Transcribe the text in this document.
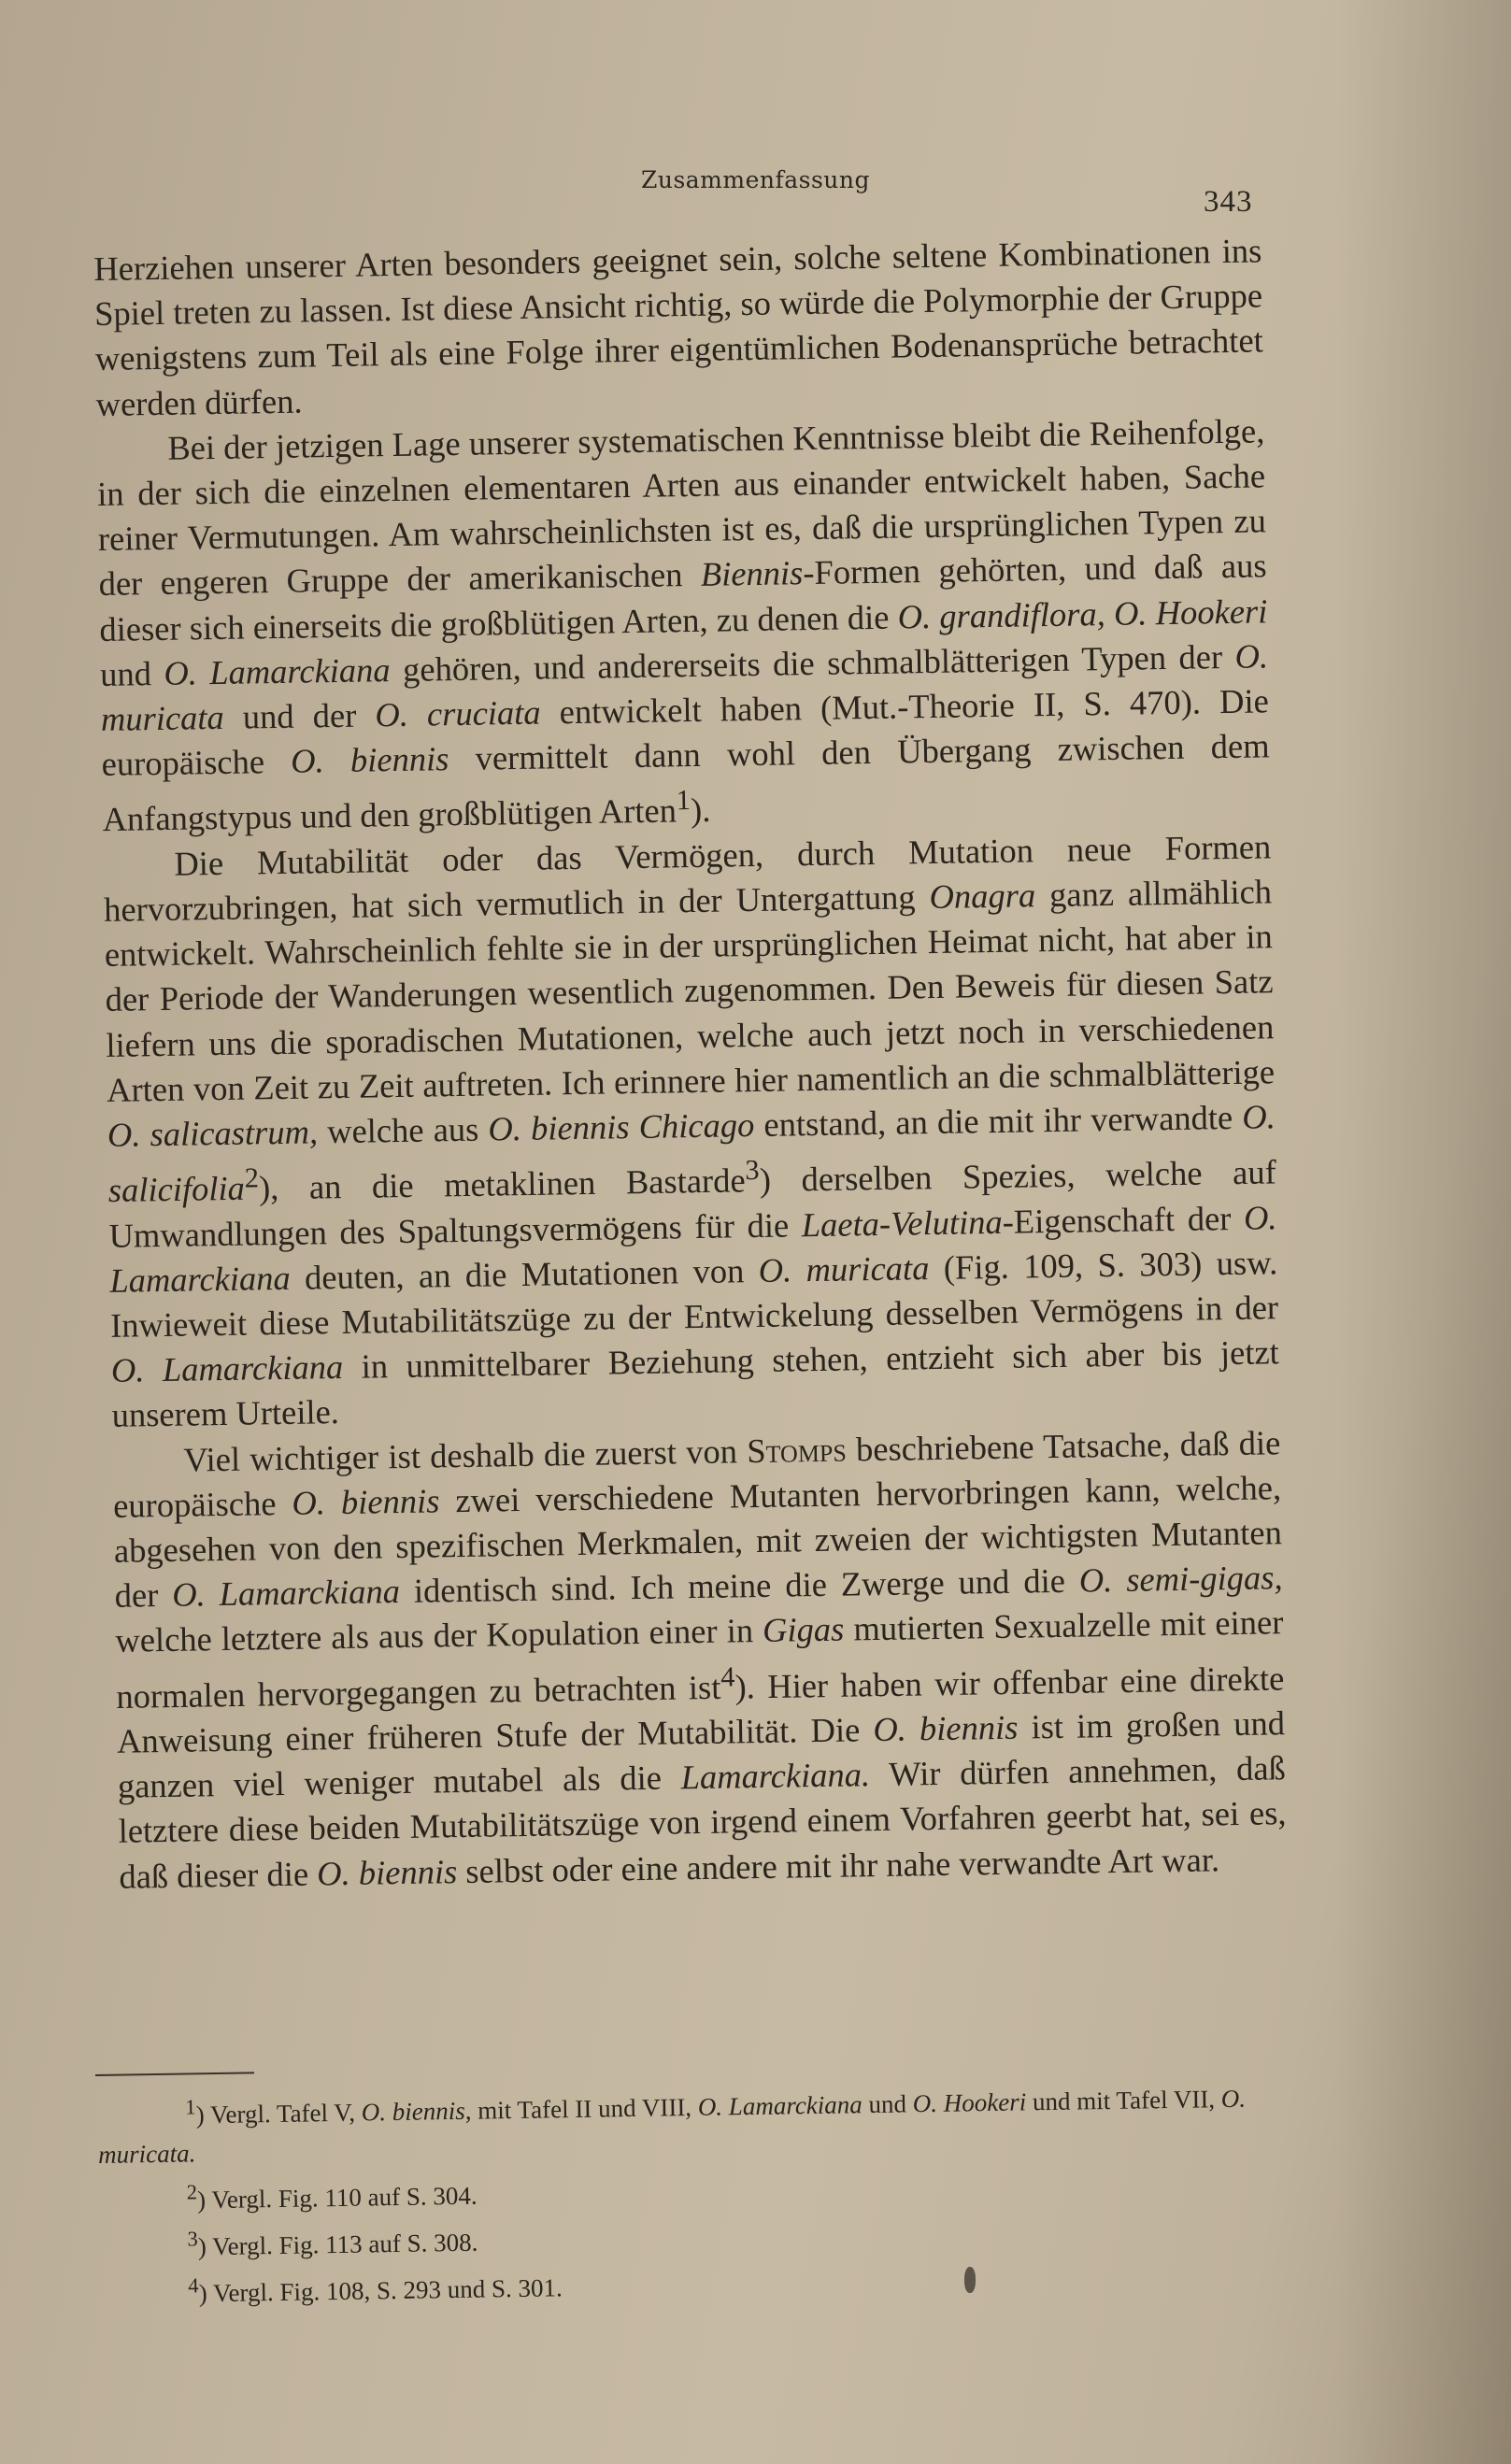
Zusammenfassung
343

Herziehen unserer Arten besonders geeignet sein, solche seltene Kombinationen ins Spiel treten zu lassen. Ist diese Ansicht richtig, so würde die Polymorphie der Gruppe wenigstens zum Teil als eine Folge ihrer eigentümlichen Bodenansprüche betrachtet werden dürfen.

Bei der jetzigen Lage unserer systematischen Kenntnisse bleibt die Reihenfolge, in der sich die einzelnen elementaren Arten aus einander entwickelt haben, Sache reiner Vermutungen. Am wahrscheinlichsten ist es, daß die ursprünglichen Typen zu der engeren Gruppe der amerikanischen Biennis-Formen gehörten, und daß aus dieser sich einerseits die großblütigen Arten, zu denen die O. grandiflora, O. Hookeri und O. Lamarckiana gehören, und andererseits die schmalblätterigen Typen der O. muricata und der O. cruciata entwickelt haben (Mut.-Theorie II, S. 470). Die europäische O. biennis vermittelt dann wohl den Übergang zwischen dem Anfangstypus und den großblütigen Arten$^1$).

Die Mutabilität oder das Vermögen, durch Mutation neue Formen hervorzubringen, hat sich vermutlich in der Untergattung Onagra ganz allmählich entwickelt. Wahrscheinlich fehlte sie in der ursprünglichen Heimat nicht, hat aber in der Periode der Wanderungen wesentlich zugenommen. Den Beweis für diesen Satz liefern uns die sporadischen Mutationen, welche auch jetzt noch in verschiedenen Arten von Zeit zu Zeit auftreten. Ich erinnere hier namentlich an die schmalblätterige O. salicastrum, welche aus O. biennis Chicago entstand, an die mit ihr verwandte O. salicifolia$^2$), an die metaklinen Bastarde$^3$) derselben Spezies, welche auf Umwandlungen des Spaltungsvermögens für die Laeta-Velutina-Eigenschaft der O. Lamarckiana deuten, an die Mutationen von O. muricata (Fig. 109, S. 303) usw. Inwieweit diese Mutabilitätszüge zu der Entwickelung desselben Vermögens in der O. Lamarckiana in unmittelbarer Beziehung stehen, entzieht sich aber bis jetzt unserem Urteile.

Viel wichtiger ist deshalb die zuerst von Stomps beschriebene Tatsache, daß die europäische O. biennis zwei verschiedene Mutanten hervorbringen kann, welche, abgesehen von den spezifischen Merkmalen, mit zweien der wichtigsten Mutanten der O. Lamarckiana identisch sind. Ich meine die Zwerge und die O. semi-gigas, welche letztere als aus der Kopulation einer in Gigas mutierten Sexualzelle mit einer normalen hervorgegangen zu betrachten ist$^4$). Hier haben wir offenbar eine direkte Anweisung einer früheren Stufe der Mutabilität. Die O. biennis ist im großen und ganzen viel weniger mutabel als die Lamarckiana. Wir dürfen annehmen, daß letztere diese beiden Mutabilitätszüge von irgend einem Vorfahren geerbt hat, sei es, daß dieser die O. biennis selbst oder eine andere mit ihr nahe verwandte Art war.

$^1$) Vergl. Tafel V, O. biennis, mit Tafel II und VIII, O. Lamarckiana und O. Hookeri und mit Tafel VII, O. muricata.

$^2$) Vergl. Fig. 110 auf S. 304.

$^3$) Vergl. Fig. 113 auf S. 308.

$^4$) Vergl. Fig. 108, S. 293 und S. 301.
